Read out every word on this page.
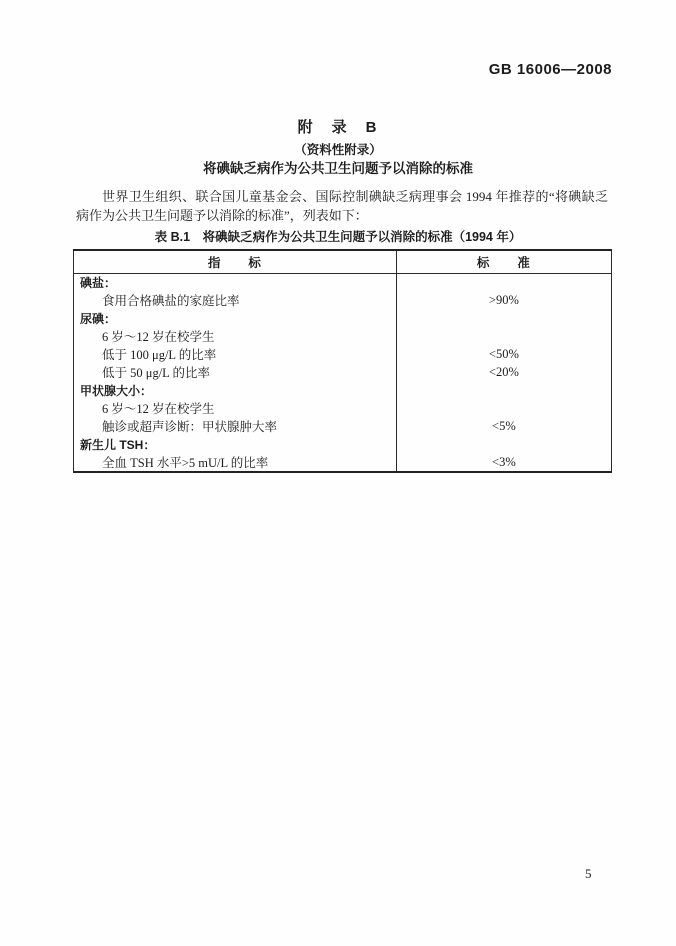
GB 16006—2008
附　录　B
（资料性附录）
将碘缺乏病作为公共卫生问题予以消除的标准

世界卫生组织、联合国儿童基金会、国际控制碘缺乏病理事会 1994 年推荐的“将碘缺乏病作为公共卫生问题予以消除的标准”，列表如下：

表 B.1　将碘缺乏病作为公共卫生问题予以消除的标准（1994 年）
指　　标	标　　准
碘盐：	
食用合格碘盐的家庭比率	>90%
尿碘：	
6 岁～12 岁在校学生	
低于 100 μg/L 的比率	<50%
低于 50 μg/L 的比率	<20%
甲状腺大小：	
6 岁～12 岁在校学生	
触诊或超声诊断：甲状腺肿大率	<5%
新生儿 TSH：	
全血 TSH 水平>5 mU/L 的比率	<3%
5
